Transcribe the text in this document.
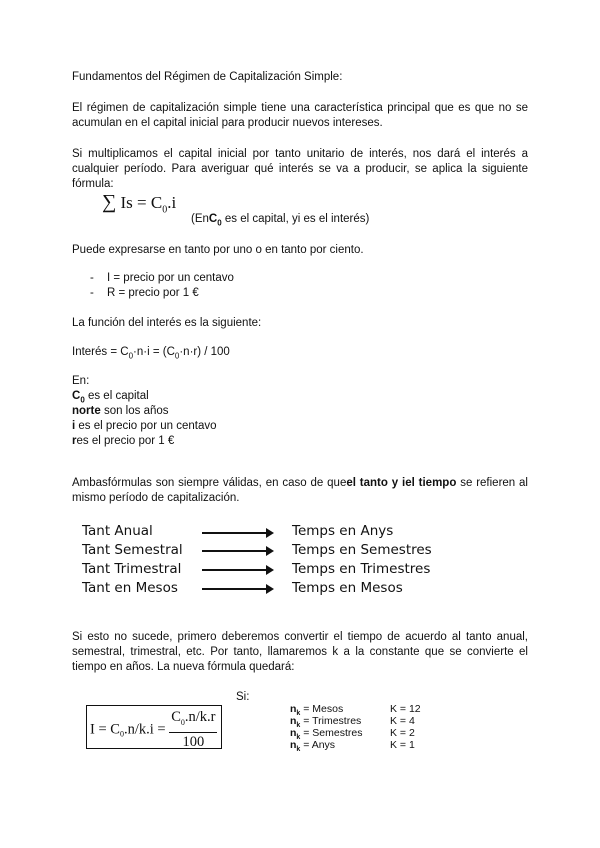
Fundamentos del Régimen de Capitalización Simple:
El régimen de capitalización simple tiene una característica principal que es que no se acumulan en el capital inicial para producir nuevos intereses.
Si multiplicamos el capital inicial por tanto unitario de interés, nos dará el interés a cualquier período. Para averiguar qué interés se va a producir, se aplica la siguiente fórmula:
∑ $Is = C_0.i$
(EnC$_0$ es el capital, yi es el interés)
Puede expresarse en tanto por uno o en tanto por ciento.
- I = precio por un centavo
- R = precio por 1 €
La función del interés es la siguiente:
Interés = $C_0\cdot n\cdot i = (C_0\cdot n\cdot r) / 100$
En:
$C_0$ es el capital
norte son los años
i es el precio por un centavo
res el precio por 1 €
Ambasfórmulas son siempre válidas, en caso de queel tanto y iel tiempo se refieren al mismo período de capitalización.
Tant Anual	Temps en Anys
Tant Semestral	Temps en Semestres
Tant Trimestral	Temps en Trimestres
Tant en Mesos	Temps en Mesos
Si esto no sucede, primero deberemos convertir el tiempo de acuerdo al tanto anual, semestral, trimestral, etc. Por tanto, llamaremos k a la constante que se convierte el tiempo en años. La nueva fórmula quedará:
Si:
$I = C_0.n/k.i = \frac{C_0.n/k.r}{100}$	$n_k$ = Mesos	K = 12
$n_k$ = Trimestres	K = 4
$n_k$ = Semestres	K = 2
$n_k$ = Anys	K = 1
